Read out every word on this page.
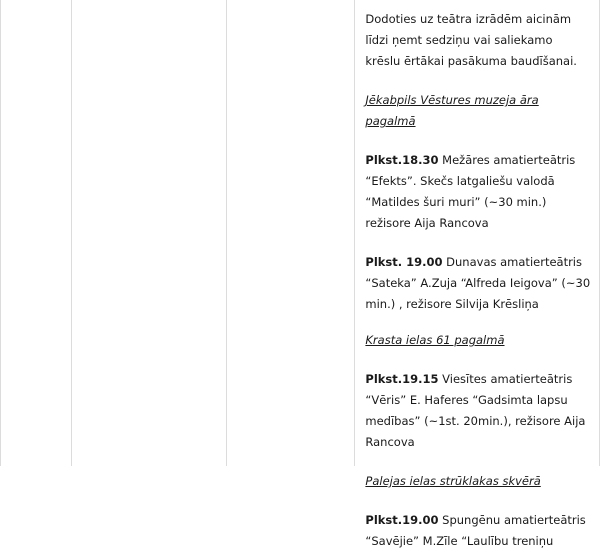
Dodoties uz teātra izrādēm aicinām līdzi ņemt sedziņu vai saliekamo krēslu ērtākai pasākuma baudīšanai.

Jēkabpils Vēstures muzeja āra pagalmā

Plkst.18.30 Mežāres amatierteātris “Efekts”. Skečs latgaliešu valodā “Matildes šuri muri” (~30 min.) režisore Aija Rancova

Plkst. 19.00 Dunavas amatierteātris “Sateka” A.Zuja “Alfreda Ieigova” (~30 min.) , režisore Silvija Krēsliņa

Krasta ielas 61 pagalmā

Plkst.19.15 Viesītes amatierteātris “Vēris” E. Haferes “Gadsimta lapsu medības” (~1st. 20min.), režisore Aija Rancova

Palejas ielas strūklakas skvērā

Plkst.19.00 Spungēnu amatierteātris “Savējie” M.Zīle “Laulību treniņu
